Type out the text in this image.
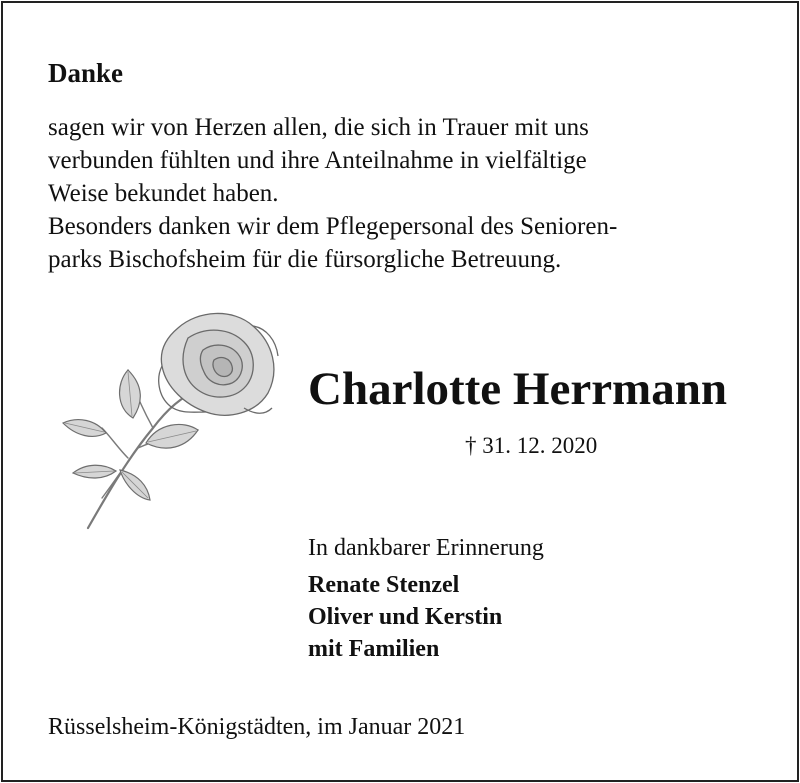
Danke

sagen wir von Herzen allen, die sich in Trauer mit uns
verbunden fühlten und ihre Anteilnahme in vielfältige
Weise bekundet haben.

Besonders danken wir dem Pflegepersonal des Senioren-
parks Bischofsheim für die fürsorgliche Betreuung.

Charlotte Herrmann
† 31. 12. 2020
In dankbarer Erinnerung
Renate Stenzel
Oliver und Kerstin
mit Familien
Rüsselsheim-Königstädten, im Januar 2021
